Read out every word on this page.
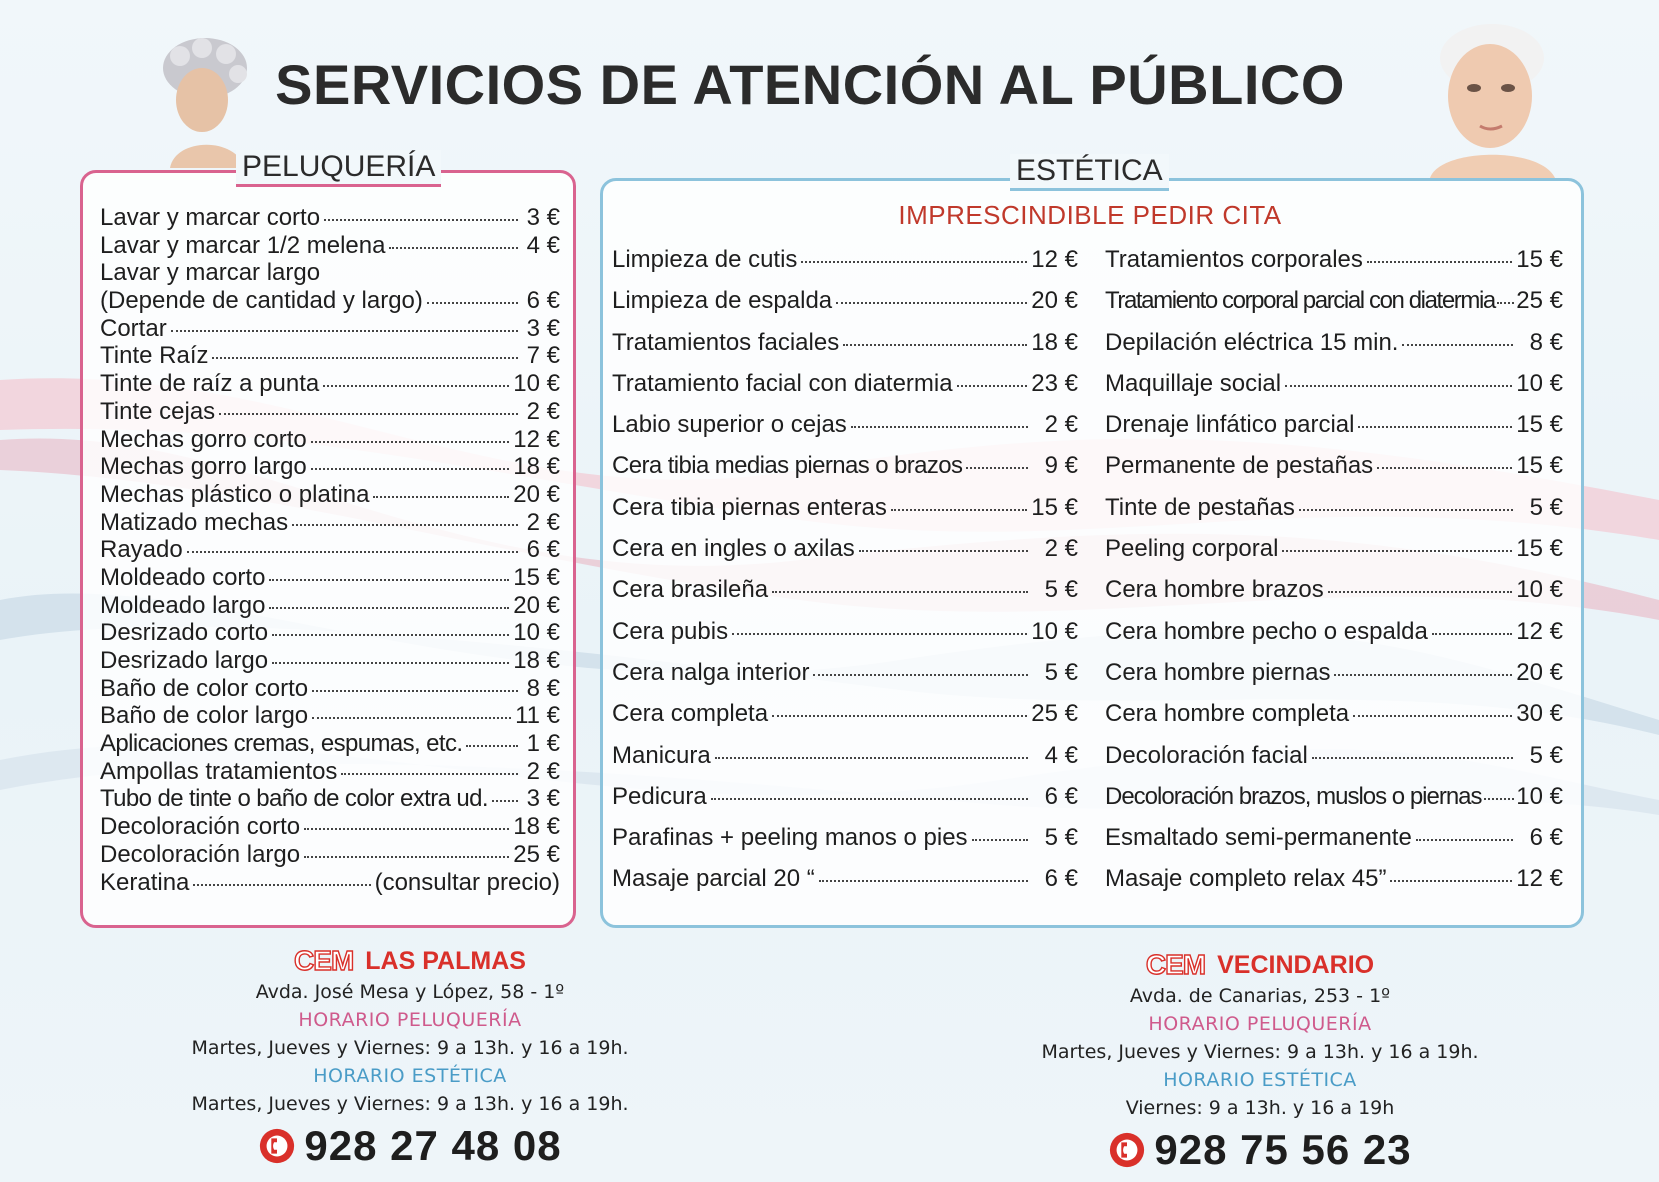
SERVICIOS DE ATENCIÓN AL PÚBLICO
PELUQUERÍA
Lavar y marcar corto	3 €
Lavar y marcar 1/2 melena	4 €
Lavar y marcar largo
(Depende de cantidad y largo)	6 €
Cortar	3 €
Tinte Raíz	7 €
Tinte de raíz a punta	10 €
Tinte cejas	2 €
Mechas gorro corto	12 €
Mechas gorro largo	18 €
Mechas plástico o platina	20 €
Matizado mechas	2 €
Rayado	6 €
Moldeado corto	15 €
Moldeado largo	20 €
Desrizado corto	10 €
Desrizado largo	18 €
Baño de color corto	8 €
Baño de color largo	11 €
Aplicaciones cremas, espumas, etc.	1 €
Ampollas tratamientos	2 €
Tubo de tinte o baño de color extra ud. 3 €
Decoloración corto	18 €
Decoloración largo	25 €
Keratina	(consultar precio)
ESTÉTICA
IMPRESCINDIBLE PEDIR CITA
Limpieza de cutis	12 €
Limpieza de espalda	20 €
Tratamientos faciales	18 €
Tratamiento facial con diatermia	23 €
Labio superior o cejas	2 €
Cera tibia medias piernas o brazos	9 €
Cera tibia piernas enteras	15 €
Cera en ingles o axilas	2 €
Cera brasileña	5 €
Cera pubis	10 €
Cera nalga interior	5 €
Cera completa	25 €
Manicura	4 €
Pedicura	6 €
Parafinas + peeling manos o pies	5 €
Masaje parcial 20 “	6 €
Tratamientos corporales	15 €
Tratamiento corporal parcial con diatermia 25 €
Depilación eléctrica 15 min.	8 €
Maquillaje social	10 €
Drenaje linfático parcial	15 €
Permanente de pestañas	15 €
Tinte de pestañas	5 €
Peeling corporal	15 €
Cera hombre brazos	10 €
Cera hombre pecho o espalda	12 €
Cera hombre piernas	20 €
Cera hombre completa	30 €
Decoloración facial	5 €
Decoloración brazos, muslos o piernas 10 €
Esmaltado semi-permanente	6 €
Masaje completo relax 45”	12 €
CEM LAS PALMAS
Avda. José Mesa y López, 58 - 1º
HORARIO PELUQUERÍA
Martes, Jueves y Viernes: 9 a 13h. y 16 a 19h.
HORARIO ESTÉTICA
Martes, Jueves y Viernes: 9 a 13h. y 16 a 19h.
928 27 48 08
CEM VECINDARIO
Avda. de Canarias, 253 - 1º
HORARIO PELUQUERÍA
Martes, Jueves y Viernes: 9 a 13h. y 16 a 19h.
HORARIO ESTÉTICA
Viernes: 9 a 13h. y 16 a 19h
928 75 56 23
